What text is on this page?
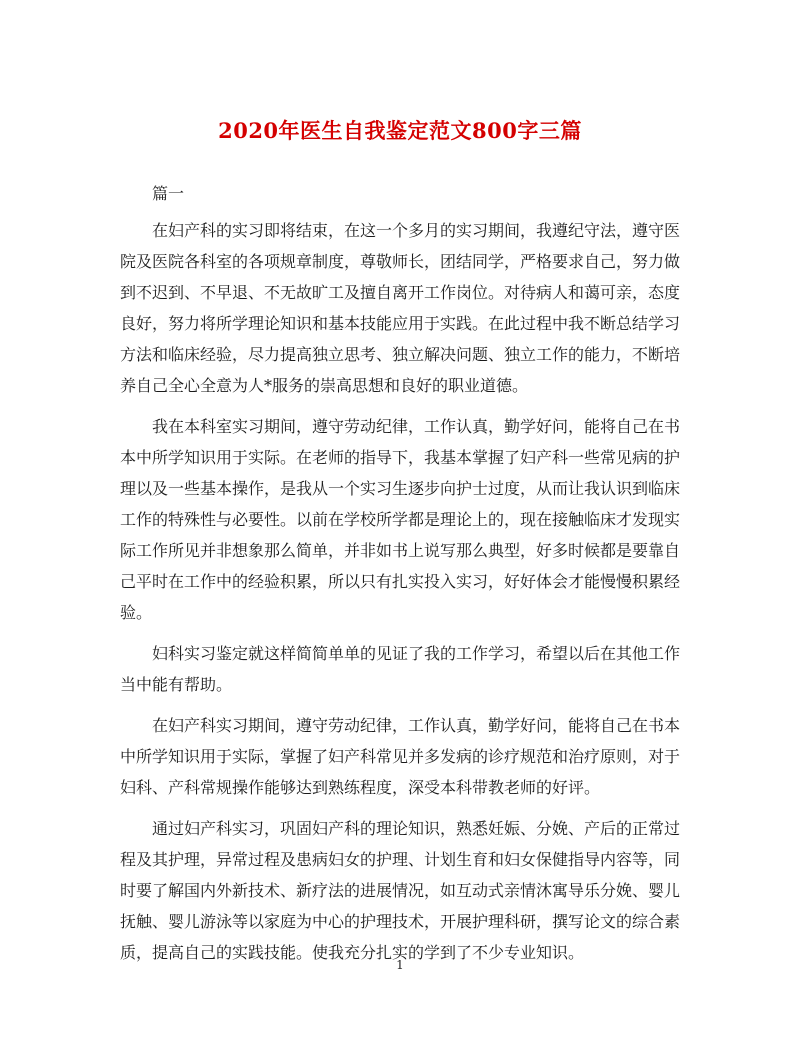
2020年医生自我鉴定范文800字三篇

篇一

在妇产科的实习即将结束，在这一个多月的实习期间，我遵纪守法，遵守医院及医院各科室的各项规章制度，尊敬师长，团结同学，严格要求自己，努力做到不迟到、不早退、不无故旷工及擅自离开工作岗位。对待病人和蔼可亲，态度良好，努力将所学理论知识和基本技能应用于实践。在此过程中我不断总结学习方法和临床经验，尽力提高独立思考、独立解决问题、独立工作的能力，不断培养自己全心全意为人*服务的崇高思想和良好的职业道德。

我在本科室实习期间，遵守劳动纪律，工作认真，勤学好问，能将自己在书本中所学知识用于实际。在老师的指导下，我基本掌握了妇产科一些常见病的护理以及一些基本操作，是我从一个实习生逐步向护士过度，从而让我认识到临床工作的特殊性与必要性。以前在学校所学都是理论上的，现在接触临床才发现实际工作所见并非想象那么简单，并非如书上说写那么典型，好多时候都是要靠自己平时在工作中的经验积累，所以只有扎实投入实习，好好体会才能慢慢积累经验。

妇科实习鉴定就这样简简单单的见证了我的工作学习，希望以后在其他工作当中能有帮助。

在妇产科实习期间，遵守劳动纪律，工作认真，勤学好问，能将自己在书本中所学知识用于实际，掌握了妇产科常见并多发病的诊疗规范和治疗原则，对于妇科、产科常规操作能够达到熟练程度，深受本科带教老师的好评。

通过妇产科实习，巩固妇产科的理论知识，熟悉妊娠、分娩、产后的正常过程及其护理，异常过程及患病妇女的护理、计划生育和妇女保健指导内容等，同时要了解国内外新技术、新疗法的进展情况，如互动式亲情沐寓导乐分娩、婴儿抚触、婴儿游泳等以家庭为中心的护理技术，开展护理科研，撰写论文的综合素质，提高自己的实践技能。使我充分扎实的学到了不少专业知识。

1
